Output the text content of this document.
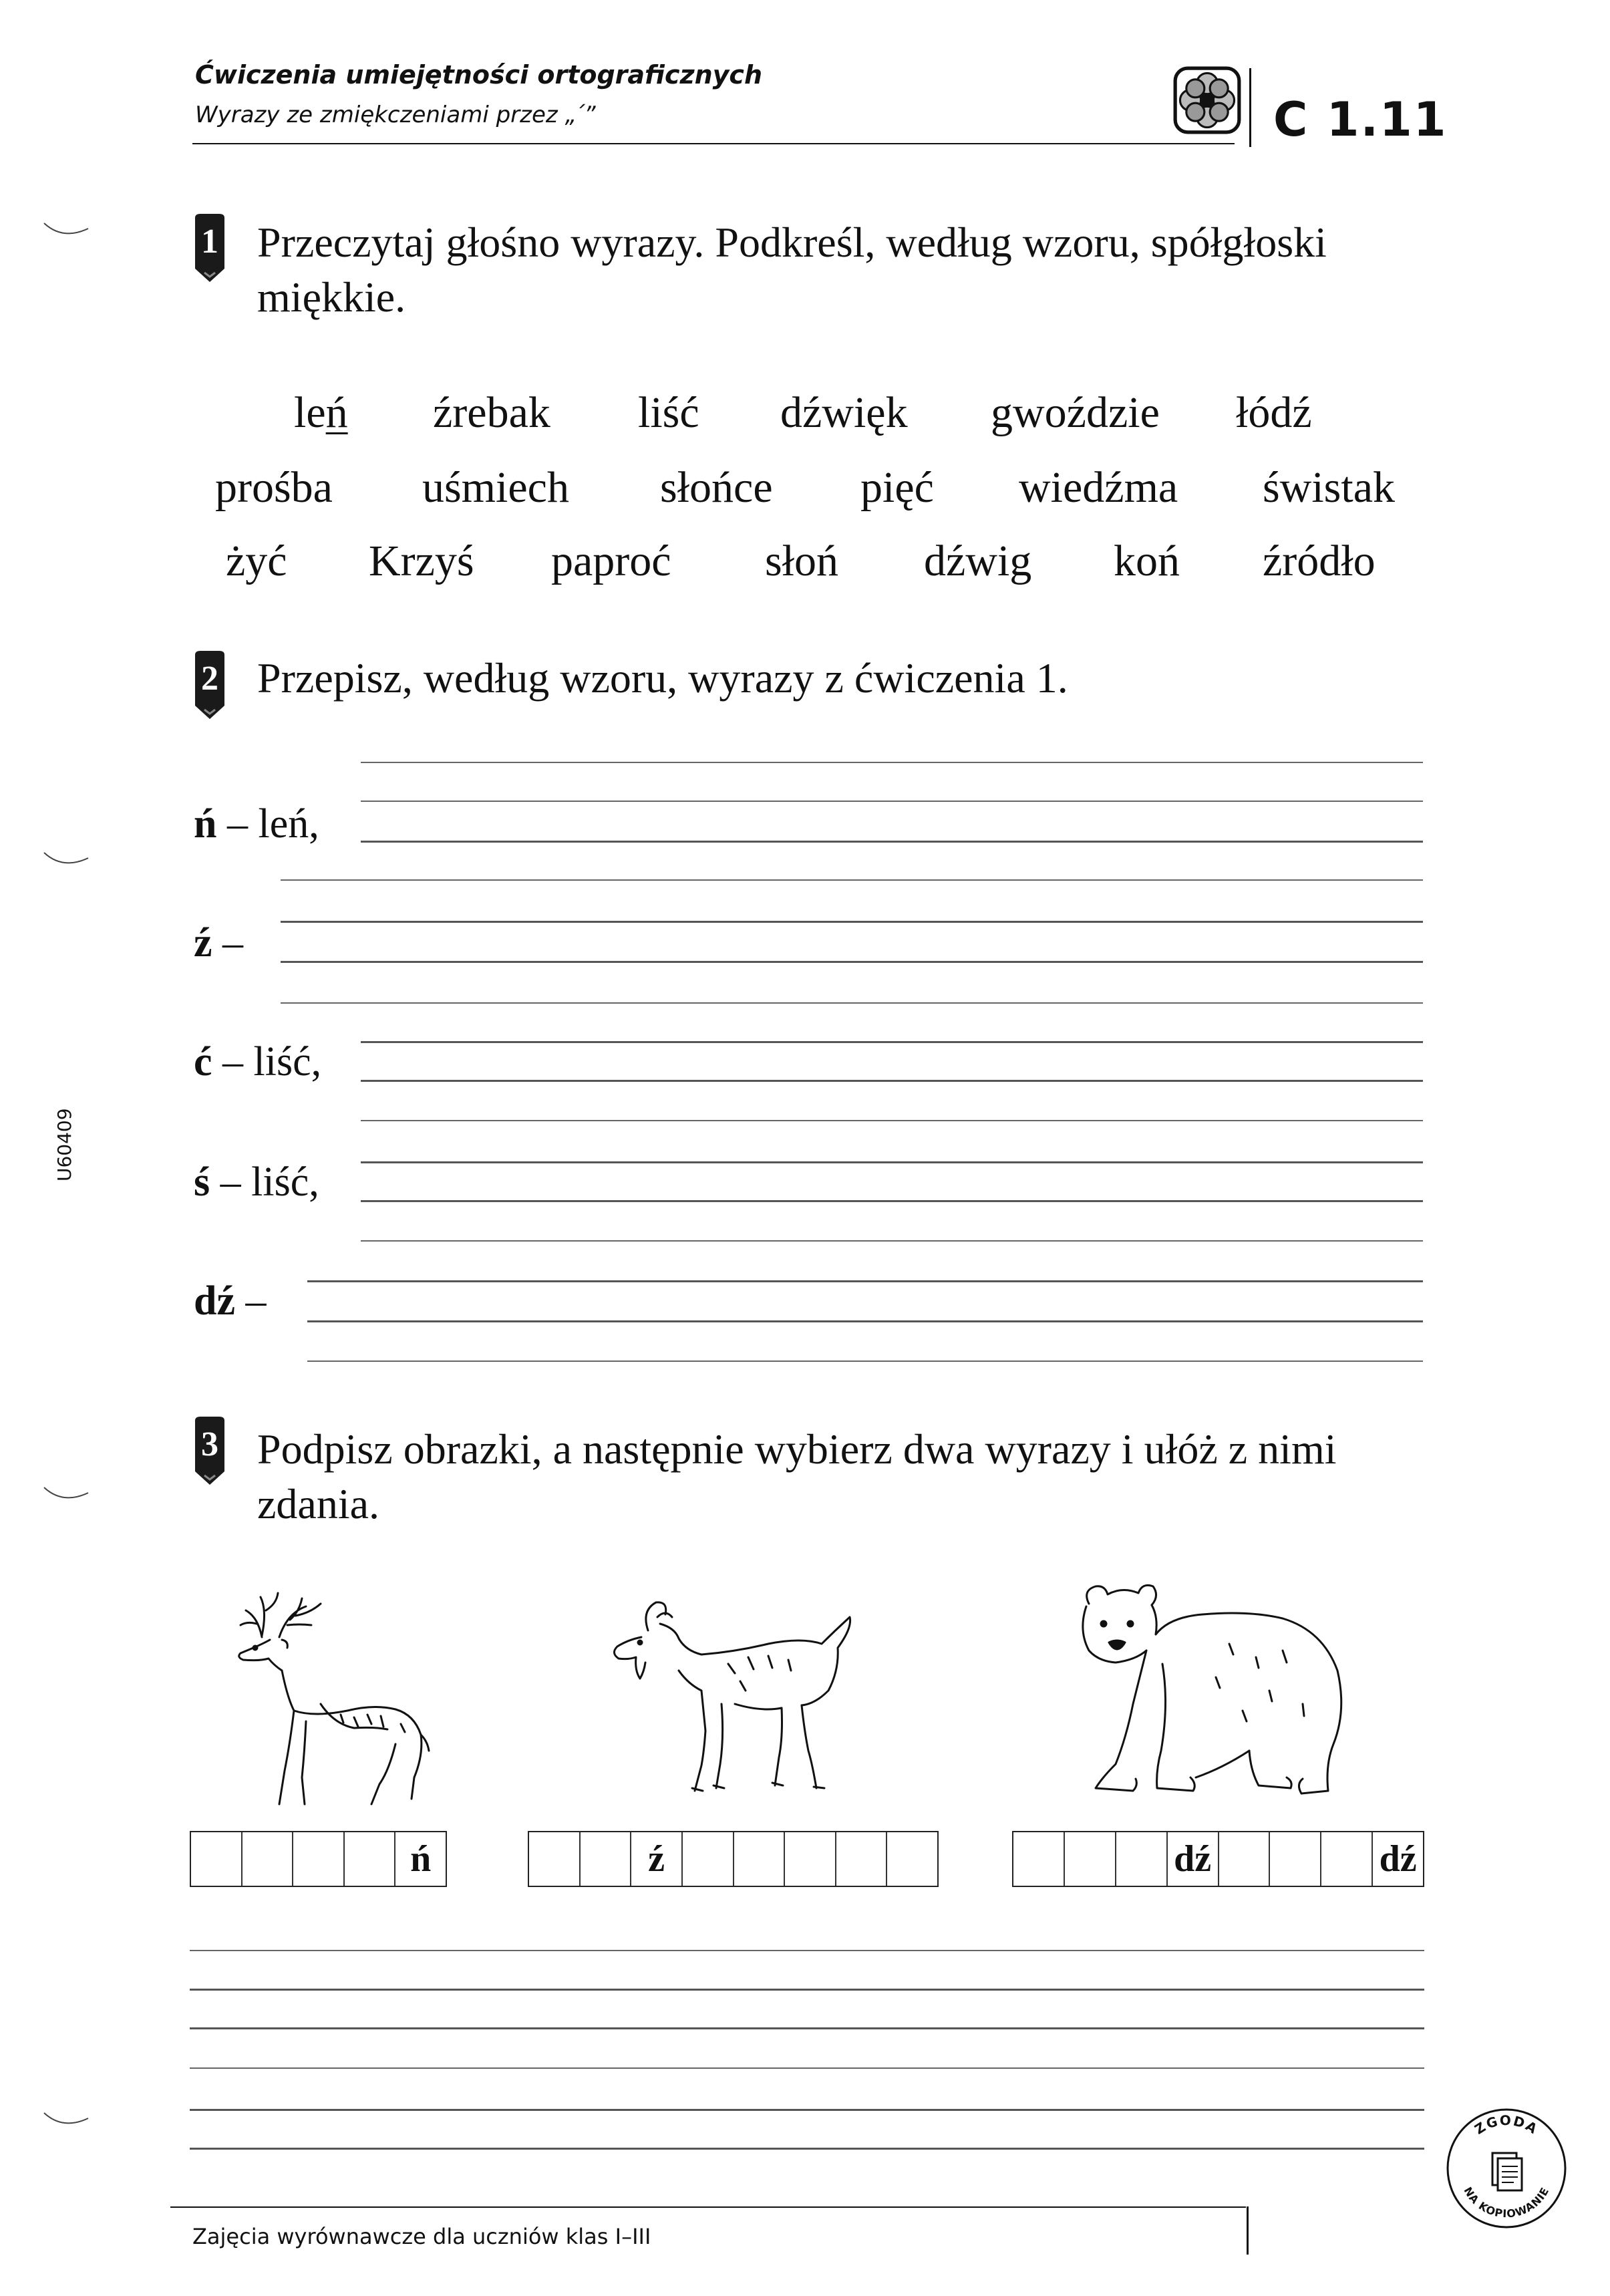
Ćwiczenia umiejętności ortograficznych
Wyrazy ze zmiękczeniami przez „ ́”	C 1.11
U60409
1 Przeczytaj głośno wyrazy. Podkreśl, według wzoru, spółgłoski miękkie.
leń źrebak liść dźwięk gwoździe łódź
prośba uśmiech słońce pięć wiedźma świstak
żyć Krzyś paproć słoń dźwig koń źródło
2 Przepisz, według wzoru, wyrazy z ćwiczenia 1.
ń – leń,
ź –
ć – liść,
ś – liść,
dź –
3 Podpisz obrazki, a następnie wybierz dwa wyrazy i ułóż z nimi zdania.
ń	ź	dź	dź
Zajęcia wyrównawcze dla uczniów klas I–III
ZGODA
NA KOPIOWANIE
